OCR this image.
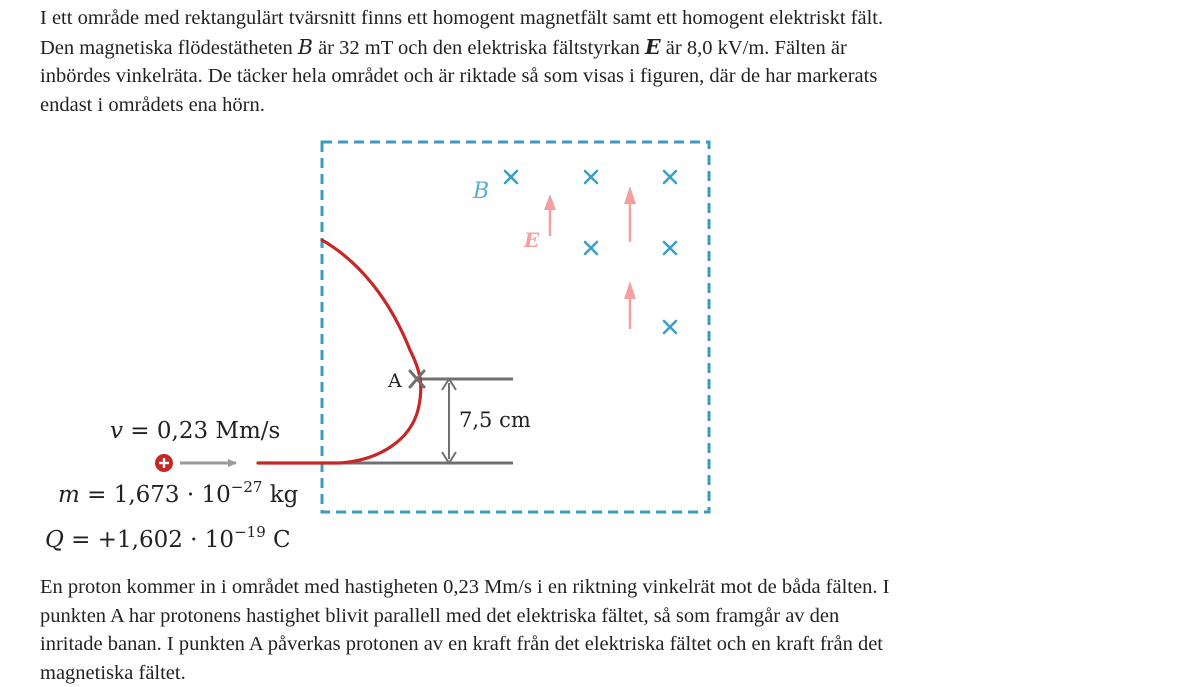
I ett område med rektangulärt tvärsnitt finns ett homogent magnetfält samt ett homogent elektriskt fält.
Den magnetiska flödestätheten B är 32 mT och den elektriska fältstyrkan E är 8,0 kV/m. Fälten är
inbördes vinkelräta. De täcker hela området och är riktade så som visas i figuren, där de har markerats
endast i områdets ena hörn.
B
E
7,5 cm
A
v = 0,23 Mm/s
$m = 1,673 \cdot 10^{-27}$ kg
$Q = +1,602 \cdot 10^{-19}$ C
En proton kommer in i området med hastigheten 0,23 Mm/s i en riktning vinkelrät mot de båda fälten. I
punkten A har protonens hastighet blivit parallell med det elektriska fältet, så som framgår av den
inritade banan. I punkten A påverkas protonen av en kraft från det elektriska fältet och en kraft från det
magnetiska fältet.
